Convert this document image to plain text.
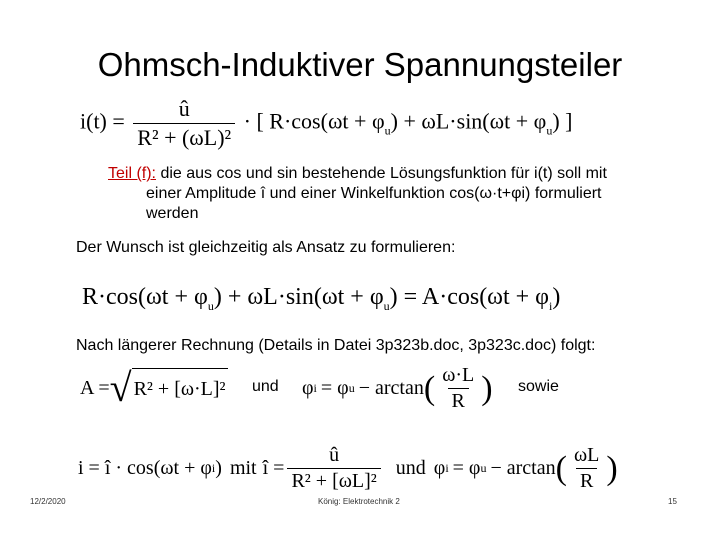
Ohmsch-Induktiver Spannungsteiler
$i(t) = \frac{û}{\text{R² + (ωL)²}}$ · [ $R\cdot\cos(\omega t + \varphi_u) + \omega L\cdot\sin(\omega t + \varphi_u)$ ]
Teil (f): die aus cos und sin bestehende Lösungsfunktion für i(t) soll mit
einer Amplitude î und einer Winkelfunktion cos(ω·t+φi) formuliert
werden
Der Wunsch ist gleichzeitig als Ansatz zu formulieren:
$R\cdot\cos(\omega t + \varphi_u) + \omega L\cdot\sin(\omega t + \varphi_u) = A\cdot\cos(\omega t + \varphi_i)$
Nach längerer Rechnung (Details in Datei 3p323b.doc, 3p323c.doc) folgt:
A = √ R² + [ω·L]² und φ i = φ u − arctan ( $\frac{\omega\cdot L}{R}$ ) sowie
i = î · cos(ωt + φ i ) mit î = $\frac{û}{\text{R² + [ωL]²}}$ und φ i = φ u − arctan ( $\frac{\omega L}{R}$ )
12/2/2020	König: Elektrotechnik 2	15
